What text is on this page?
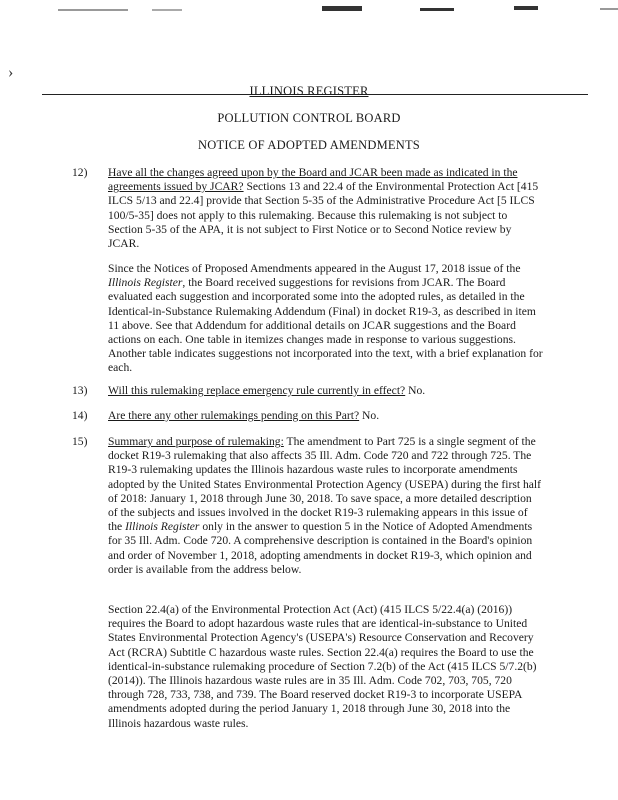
›
ILLINOIS REGISTER
POLLUTION CONTROL BOARD
NOTICE OF ADOPTED AMENDMENTS
12) Have all the changes agreed upon by the Board and JCAR been made as indicated in the agreements issued by JCAR? Sections 13 and 22.4 of the Environmental Protection Act [415 ILCS 5/13 and 22.4] provide that Section 5-35 of the Administrative Procedure Act [5 ILCS 100/5-35] does not apply to this rulemaking. Because this rulemaking is not subject to Section 5-35 of the APA, it is not subject to First Notice or to Second Notice review by JCAR.
Since the Notices of Proposed Amendments appeared in the August 17, 2018 issue of the Illinois Register, the Board received suggestions for revisions from JCAR. The Board evaluated each suggestion and incorporated some into the adopted rules, as detailed in the Identical-in-Substance Rulemaking Addendum (Final) in docket R19-3, as described in item 11 above. See that Addendum for additional details on JCAR suggestions and the Board actions on each. One table in itemizes changes made in response to various suggestions. Another table indicates suggestions not incorporated into the text, with a brief explanation for each.
13) Will this rulemaking replace emergency rule currently in effect? No.
14) Are there any other rulemakings pending on this Part? No.
15) Summary and purpose of rulemaking: The amendment to Part 725 is a single segment of the docket R19-3 rulemaking that also affects 35 Ill. Adm. Code 720 and 722 through 725. The R19-3 rulemaking updates the Illinois hazardous waste rules to incorporate amendments adopted by the United States Environmental Protection Agency (USEPA) during the first half of 2018: January 1, 2018 through June 30, 2018. To save space, a more detailed description of the subjects and issues involved in the docket R19-3 rulemaking appears in this issue of the Illinois Register only in the answer to question 5 in the Notice of Adopted Amendments for 35 Ill. Adm. Code 720. A comprehensive description is contained in the Board's opinion and order of November 1, 2018, adopting amendments in docket R19-3, which opinion and order is available from the address below.
Section 22.4(a) of the Environmental Protection Act (Act) (415 ILCS 5/22.4(a) (2016)) requires the Board to adopt hazardous waste rules that are identical-in-substance to United States Environmental Protection Agency's (USEPA's) Resource Conservation and Recovery Act (RCRA) Subtitle C hazardous waste rules. Section 22.4(a) requires the Board to use the identical-in-substance rulemaking procedure of Section 7.2(b) of the Act (415 ILCS 5/7.2(b) (2014)). The Illinois hazardous waste rules are in 35 Ill. Adm. Code 702, 703, 705, 720 through 728, 733, 738, and 739. The Board reserved docket R19-3 to incorporate USEPA amendments adopted during the period January 1, 2018 through June 30, 2018 into the Illinois hazardous waste rules.
